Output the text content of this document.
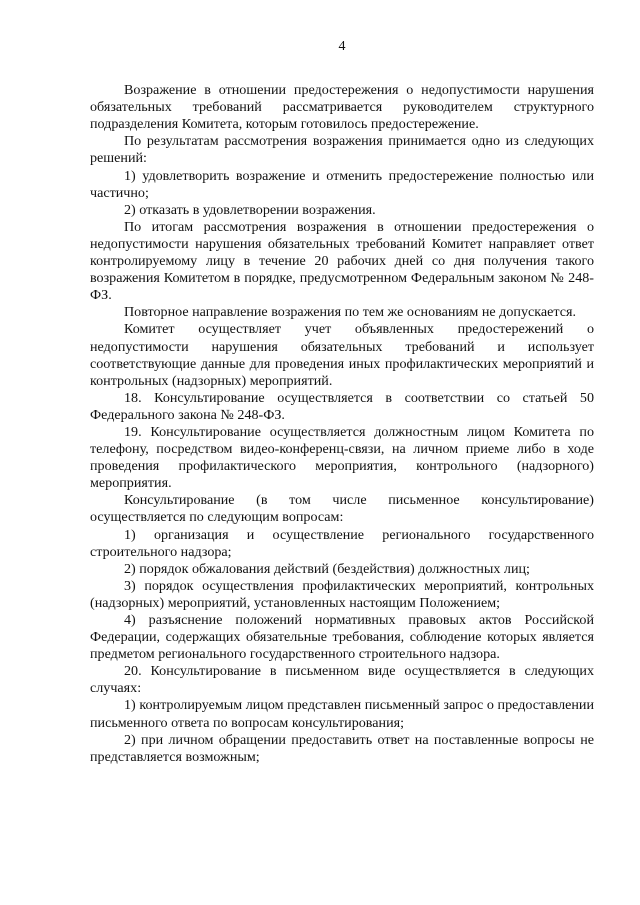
4

Возражение в отношении предостережения о недопустимости нарушения обязательных требований рассматривается руководителем структурного подразделения Комитета, которым готовилось предостережение.

По результатам рассмотрения возражения принимается одно из следующих решений:

1) удовлетворить возражение и отменить предостережение полностью или частично;

2) отказать в удовлетворении возражения.

По итогам рассмотрения возражения в отношении предостережения о недопустимости нарушения обязательных требований Комитет направляет ответ контролируемому лицу в течение 20 рабочих дней со дня получения такого возражения Комитетом в порядке, предусмотренном Федеральным законом № 248-ФЗ.

Повторное направление возражения по тем же основаниям не допускается.

Комитет осуществляет учет объявленных предостережений о недопустимости нарушения обязательных требований и использует соответствующие данные для проведения иных профилактических мероприятий и контрольных (надзорных) мероприятий.

18. Консультирование осуществляется в соответствии со статьей 50 Федерального закона № 248-ФЗ.

19. Консультирование осуществляется должностным лицом Комитета по телефону, посредством видео-конференц-связи, на личном приеме либо в ходе проведения профилактического мероприятия, контрольного (надзорного) мероприятия.

Консультирование (в том числе письменное консультирование) осуществляется по следующим вопросам:

1) организация и осуществление регионального государственного строительного надзора;

2) порядок обжалования действий (бездействия) должностных лиц;

3) порядок осуществления профилактических мероприятий, контрольных (надзорных) мероприятий, установленных настоящим Положением;

4) разъяснение положений нормативных правовых актов Российской Федерации, содержащих обязательные требования, соблюдение которых является предметом регионального государственного строительного надзора.

20. Консультирование в письменном виде осуществляется в следующих случаях:

1) контролируемым лицом представлен письменный запрос о предоставлении письменного ответа по вопросам консультирования;

2) при личном обращении предоставить ответ на поставленные вопросы не представляется возможным;
